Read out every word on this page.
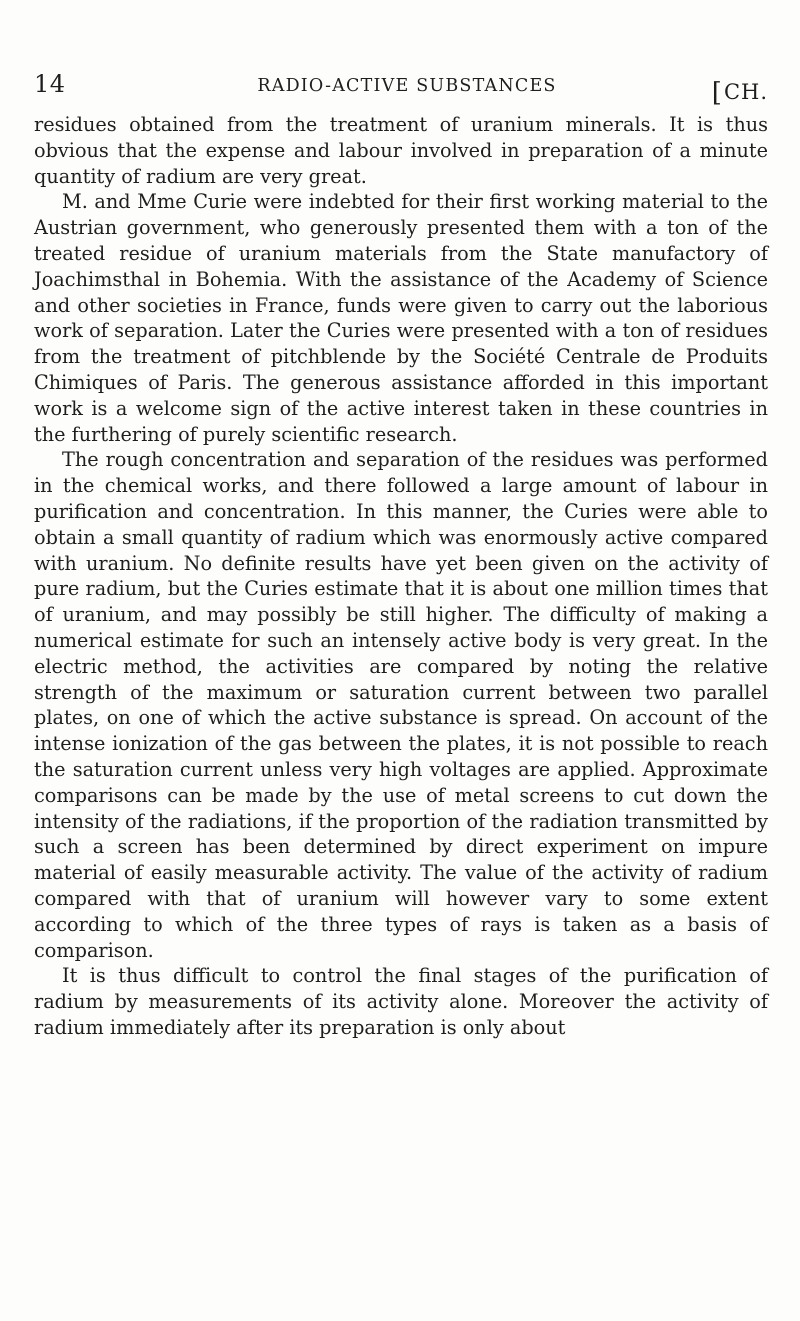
14	RADIO-ACTIVE SUBSTANCES	[CH.

residues obtained from the treatment of uranium minerals. It is thus obvious that the expense and labour involved in preparation of a minute quantity of radium are very great.

M. and Mme Curie were indebted for their first working material to the Austrian government, who generously presented them with a ton of the treated residue of uranium materials from the State manufactory of Joachimsthal in Bohemia. With the assistance of the Academy of Science and other societies in France, funds were given to carry out the laborious work of separation. Later the Curies were presented with a ton of residues from the treatment of pitchblende by the Société Centrale de Produits Chimiques of Paris. The generous assistance afforded in this important work is a welcome sign of the active interest taken in these countries in the furthering of purely scientific research.

The rough concentration and separation of the residues was performed in the chemical works, and there followed a large amount of labour in purification and concentration. In this manner, the Curies were able to obtain a small quantity of radium which was enormously active compared with uranium. No definite results have yet been given on the activity of pure radium, but the Curies estimate that it is about one million times that of uranium, and may possibly be still higher. The difficulty of making a numerical estimate for such an intensely active body is very great. In the electric method, the activities are compared by noting the relative strength of the maximum or saturation current between two parallel plates, on one of which the active substance is spread. On account of the intense ionization of the gas between the plates, it is not possible to reach the saturation current unless very high voltages are applied. Approximate comparisons can be made by the use of metal screens to cut down the intensity of the radiations, if the proportion of the radiation transmitted by such a screen has been determined by direct experiment on impure material of easily measurable activity. The value of the activity of radium compared with that of uranium will however vary to some extent according to which of the three types of rays is taken as a basis of comparison.

It is thus difficult to control the final stages of the purification of radium by measurements of its activity alone. Moreover the activity of radium immediately after its preparation is only about
